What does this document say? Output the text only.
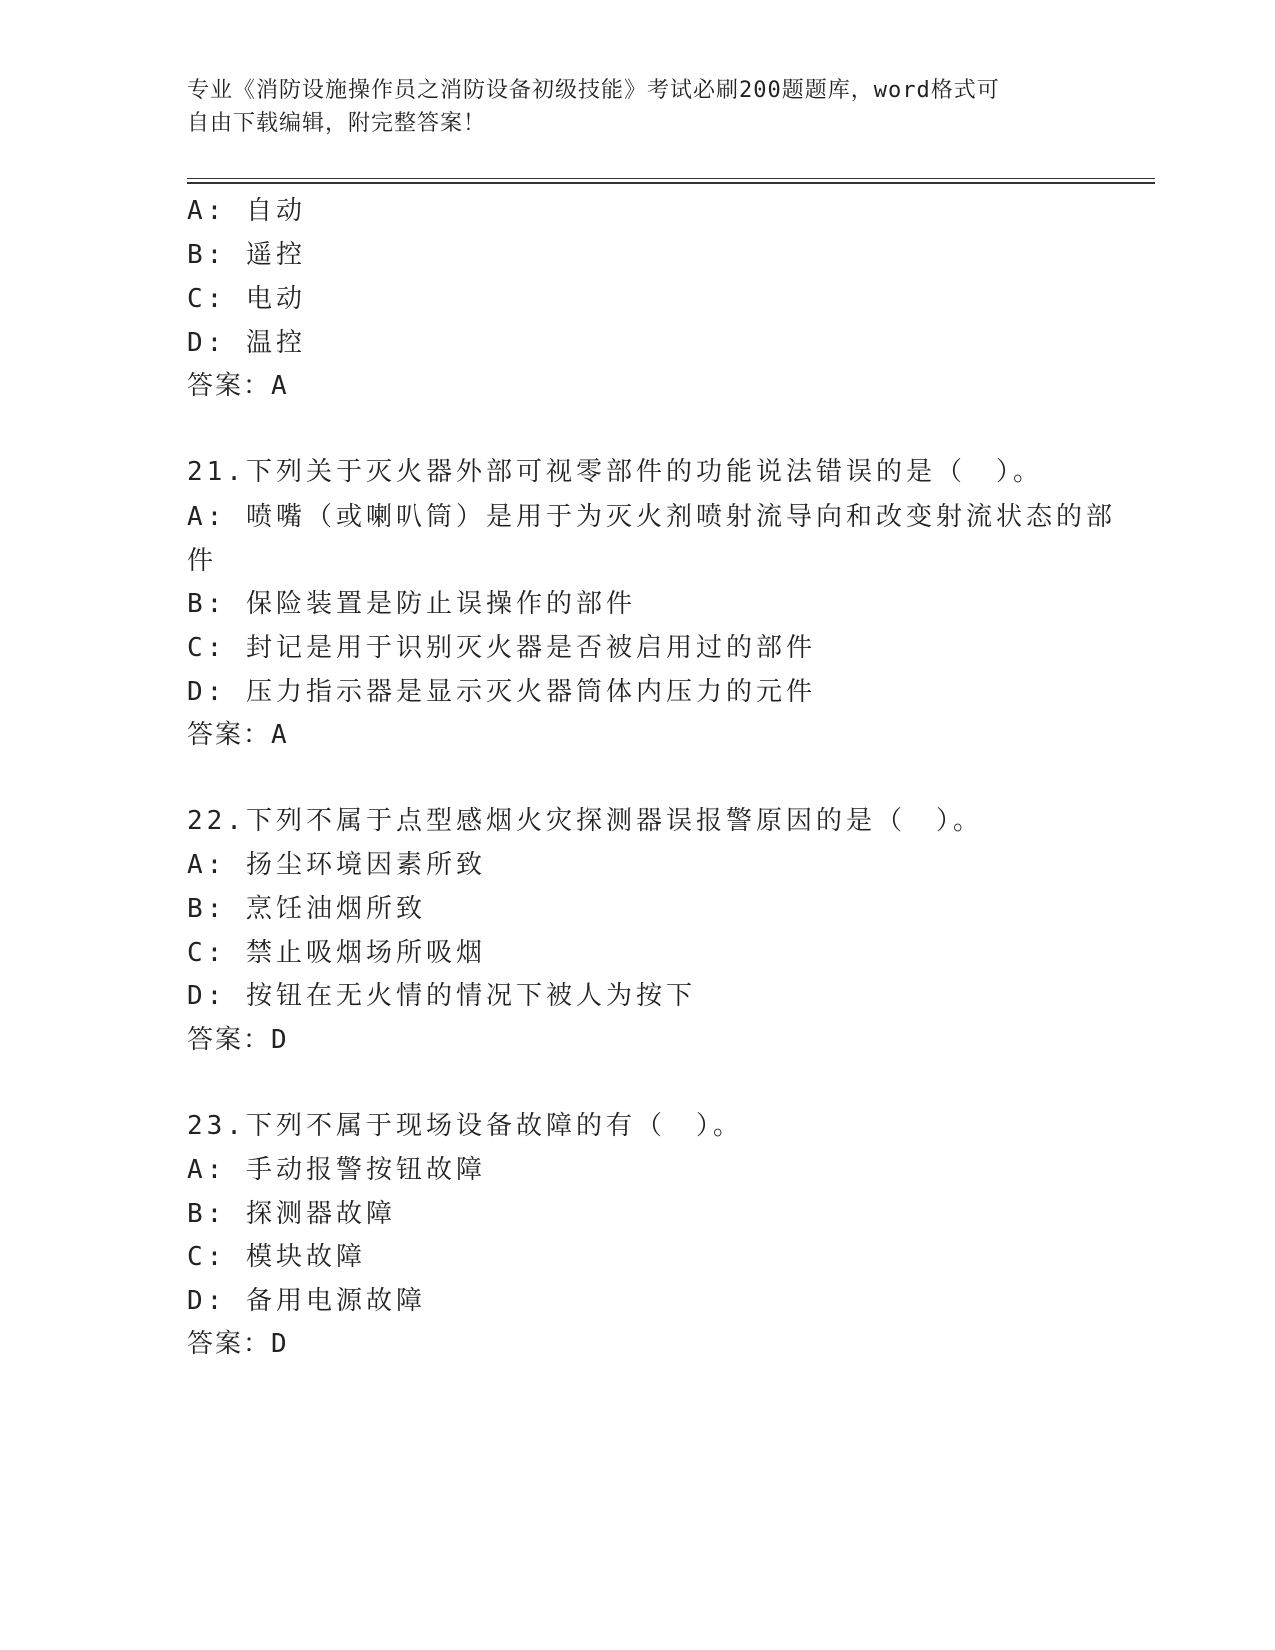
专业《消防设施操作员之消防设备初级技能》考试必刷200题题库，word格式可
自由下载编辑，附完整答案！
A: 自动
B: 遥控
C: 电动
D: 温控
答案：A
21.下列关于灭火器外部可视零部件的功能说法错误的是（　）。
A: 喷嘴（或喇叭筒）是用于为灭火剂喷射流导向和改变射流状态的部
件
B: 保险装置是防止误操作的部件
C: 封记是用于识别灭火器是否被启用过的部件
D: 压力指示器是显示灭火器筒体内压力的元件
答案：A
22.下列不属于点型感烟火灾探测器误报警原因的是（　）。
A: 扬尘环境因素所致
B: 烹饪油烟所致
C: 禁止吸烟场所吸烟
D: 按钮在无火情的情况下被人为按下
答案：D
23.下列不属于现场设备故障的有（　）。
A: 手动报警按钮故障
B: 探测器故障
C: 模块故障
D: 备用电源故障
答案：D
